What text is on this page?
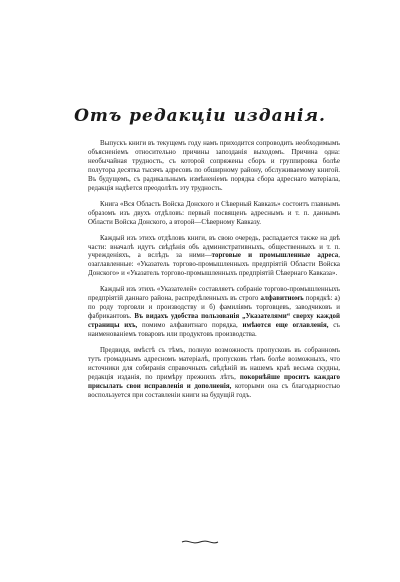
Отъ редакціи изданія.

Выпускъ книги въ текущемъ году намъ приходится сопроводить необходимымъ объясненіемъ относительно причины запозданія выходомъ. Причина одна: необычайная трудность, съ которой сопряжены сборъ и группировка болѣе полутора десятка тысячъ адресовъ по обширному району, обслуживаемому книгой. Въ будущемъ, съ радикальнымъ измѣненіемъ порядка сбора адреснаго матеріала, редакція надѣется преодолѣть эту трудность.

Книга «Вся Область Войска Донского и Сѣверный Кавказъ» состоитъ главнымъ образомъ изъ двухъ отдѣловъ: первый посвященъ адреснымъ и т. п. даннымъ Области Войска Донского, а второй—Сѣверному Кавказу.

Каждый изъ этихъ отдѣловъ книги, въ свою очередь, распадается также на двѣ части: вначалѣ идутъ свѣдѣнія объ административныхъ, общественныхъ и т. п. учрежденіяхъ, а вслѣдъ за ними—торговые и промышленные адреса, озаглавленные: «Указатель торгово-промышленныхъ предпріятій Области Войска Донского» и «Указатель торгово-промышленныхъ предпріятій Сѣвернаго Кавказа».

Каждый изъ этихъ «Указателей» составляетъ собраніе торгово-промышленныхъ предпріятій даннаго района, распредѣленныхъ въ строго алфавитномъ порядкѣ: а) по роду торговли и производству и б) фамиліямъ торговцевъ, заводчиковъ и фабрикантовъ. Въ видахъ удобства пользованія „Указателями“ сверху каждой страницы ихъ, помимо алфавитнаго порядка, имѣются еще оглавленія, съ наименованіемъ товаровъ или продуктовъ производства.

Предвидя, вмѣстѣ съ тѣмъ, полную возможность пропусковъ въ собранномъ тутъ громаднымъ адресномъ матеріалѣ, пропусковъ тѣмъ болѣе возможныхъ, что источники для собиранія справочныхъ свѣдѣній въ нашемъ краѣ весьма скудны, редакція изданія, по примѣру прежнихъ лѣтъ, покорнѣйше проситъ каждаго присылать свои исправленія и дополненія, которыми она съ благодарностью воспользуется при составленіи книги на будущій годъ.
